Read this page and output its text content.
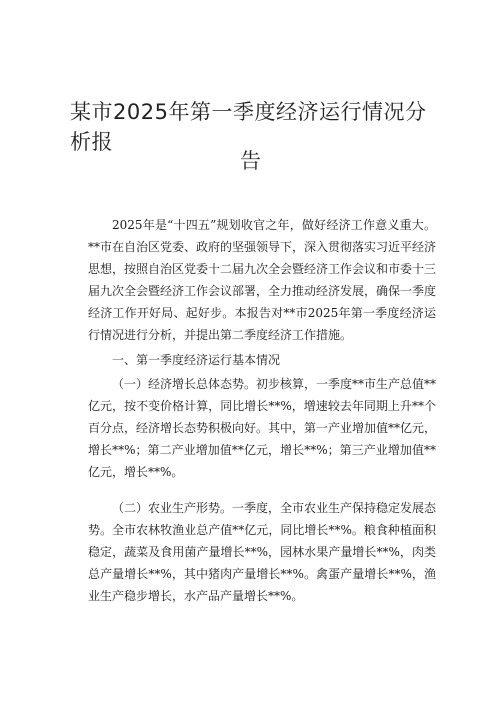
某市2025年第一季度经济运行情况分析报
告

2025年是“十四五”规划收官之年，做好经济工作意义重大。**市在自治区党委、政府的坚强领导下，深入贯彻落实习近平经济思想，按照自治区党委十二届九次全会暨经济工作会议和市委十三届九次全会暨经济工作会议部署，全力推动经济发展，确保一季度经济工作开好局、起好步。本报告对**市2025年第一季度经济运行情况进行分析，并提出第二季度经济工作措施。

一、第一季度经济运行基本情况

（一）经济增长总体态势。初步核算，一季度**市生产总值**亿元，按不变价格计算，同比增长**%，增速较去年同期上升**个百分点，经济增长态势积极向好。其中，第一产业增加值**亿元，增长**%；第二产业增加值**亿元，增长**%；第三产业增加值**亿元，增长**%。

（二）农业生产形势。一季度，全市农业生产保持稳定发展态势。全市农林牧渔业总产值**亿元，同比增长**%。粮食种植面积稳定，蔬菜及食用菌产量增长**%，园林水果产量增长**%，肉类总产量增长**%，其中猪肉产量增长**%。禽蛋产量增长**%，渔业生产稳步增长，水产品产量增长**%。
